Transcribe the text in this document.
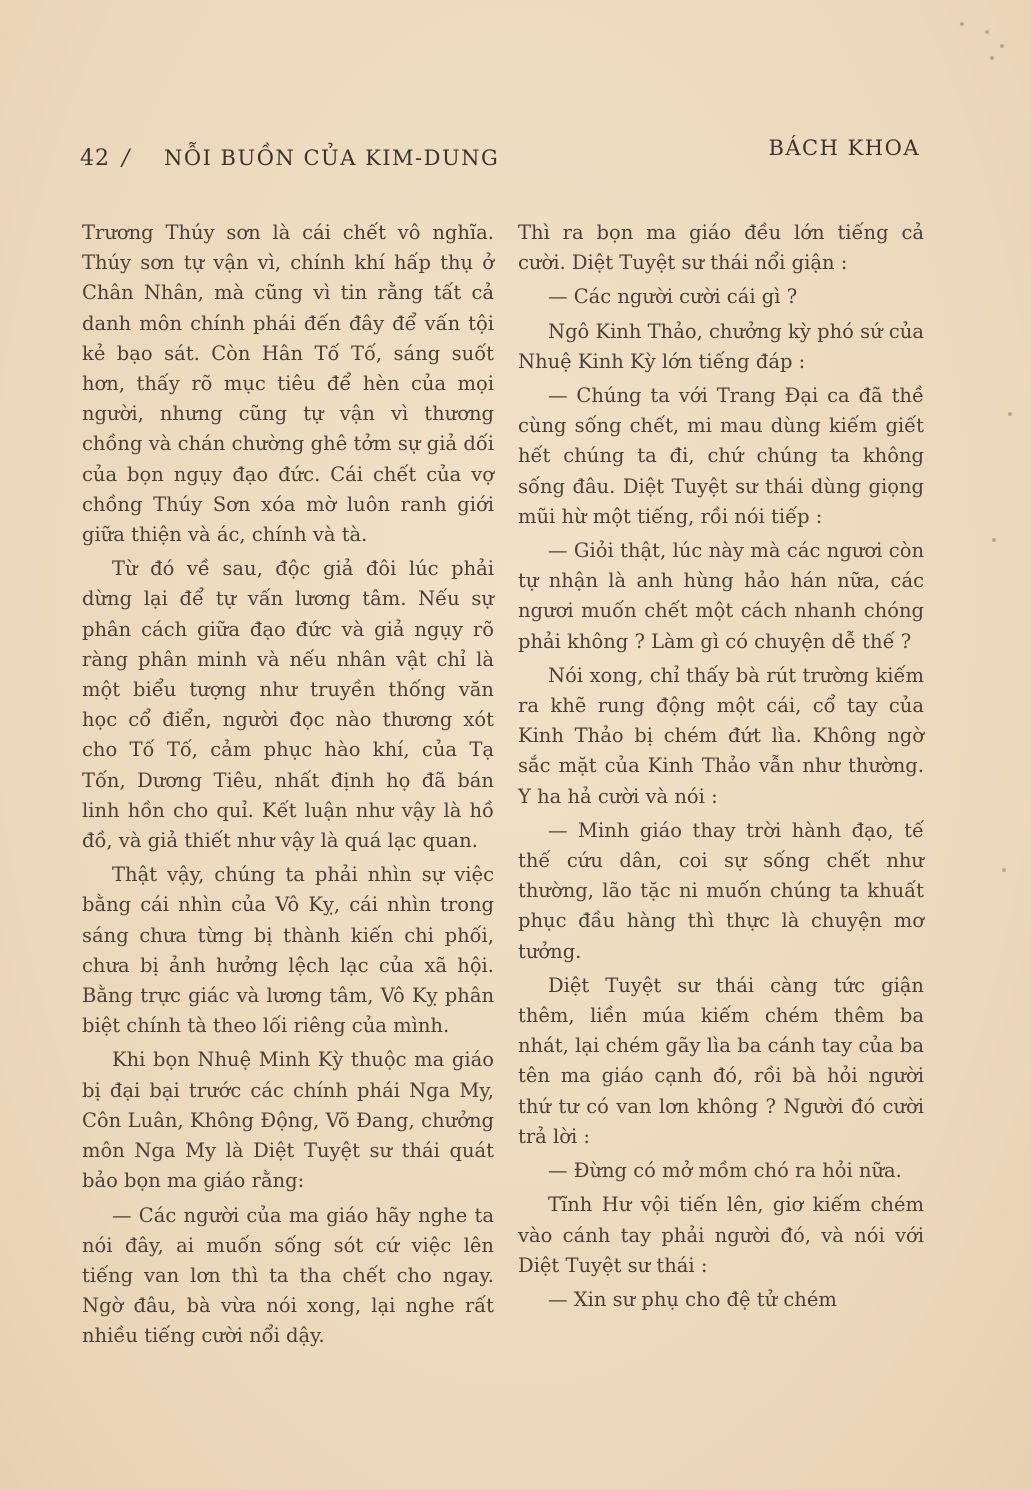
42 / NỖI BUỒN CỦA KIM-DUNG	BÁCH KHOA

Trương Thúy sơn là cái chết vô nghĩa. Thúy sơn tự vận vì, chính khí hấp thụ ở Chân Nhân, mà cũng vì tin rằng tất cả danh môn chính phái đến đây để vấn tội kẻ bạo sát. Còn Hân Tố Tố, sáng suốt hơn, thấy rõ mục tiêu để hèn của mọi người, nhưng cũng tự vận vì thương chồng và chán chường ghê tởm sự giả dối của bọn ngụy đạo đức. Cái chết của vợ chồng Thúy Sơn xóa mờ luôn ranh giới giữa thiện và ác, chính và tà.

Từ đó về sau, độc giả đôi lúc phải dừng lại để tự vấn lương tâm. Nếu sự phân cách giữa đạo đức và giả ngụy rõ ràng phân minh và nếu nhân vật chỉ là một biểu tượng như truyền thống văn học cổ điển, người đọc nào thương xót cho Tố Tố, cảm phục hào khí, của Tạ Tốn, Dương Tiêu, nhất định họ đã bán linh hồn cho quỉ. Kết luận như vậy là hồ đồ, và giả thiết như vậy là quá lạc quan.

Thật vậy, chúng ta phải nhìn sự việc bằng cái nhìn của Vô Kỵ, cái nhìn trong sáng chưa từng bị thành kiến chi phối, chưa bị ảnh hưởng lệch lạc của xã hội. Bằng trực giác và lương tâm, Vô Kỵ phân biệt chính tà theo lối riêng của mình.

Khi bọn Nhuệ Minh Kỳ thuộc ma giáo bị đại bại trước các chính phái Nga My, Côn Luân, Không Động, Võ Đang, chưởng môn Nga My là Diệt Tuyệt sư thái quát bảo bọn ma giáo rằng:

— Các người của ma giáo hãy nghe ta nói đây, ai muốn sống sót cứ việc lên tiếng van lơn thì ta tha chết cho ngay. Ngờ đâu, bà vừa nói xong, lại nghe rất nhiều tiếng cười nổi dậy.

Thì ra bọn ma giáo đều lớn tiếng cả cười. Diệt Tuyệt sư thái nổi giận :

— Các người cười cái gì ?

Ngô Kinh Thảo, chưởng kỳ phó sứ của Nhuệ Kinh Kỳ lớn tiếng đáp :

— Chúng ta với Trang Đại ca đã thề cùng sống chết, mi mau dùng kiếm giết hết chúng ta đi, chứ chúng ta không sống đâu. Diệt Tuyệt sư thái dùng giọng mũi hừ một tiếng, rồi nói tiếp :

— Giỏi thật, lúc này mà các ngươi còn tự nhận là anh hùng hảo hán nữa, các ngươi muốn chết một cách nhanh chóng phải không ? Làm gì có chuyện dễ thế ?

Nói xong, chỉ thấy bà rút trường kiếm ra khẽ rung động một cái, cổ tay của Kinh Thảo bị chém đứt lìa. Không ngờ sắc mặt của Kinh Thảo vẫn như thường. Y ha hả cười và nói :

— Minh giáo thay trời hành đạo, tế thế cứu dân, coi sự sống chết như thường, lão tặc ni muốn chúng ta khuất phục đầu hàng thì thực là chuyện mơ tưởng.

Diệt Tuyệt sư thái càng tức giận thêm, liền múa kiếm chém thêm ba nhát, lại chém gãy lìa ba cánh tay của ba tên ma giáo cạnh đó, rồi bà hỏi người thứ tư có van lơn không ? Người đó cười trả lời :

— Đừng có mở mồm chó ra hỏi nữa.

Tĩnh Hư vội tiến lên, giơ kiếm chém vào cánh tay phải người đó, và nói với Diệt Tuyệt sư thái :

— Xin sư phụ cho đệ tử chém
